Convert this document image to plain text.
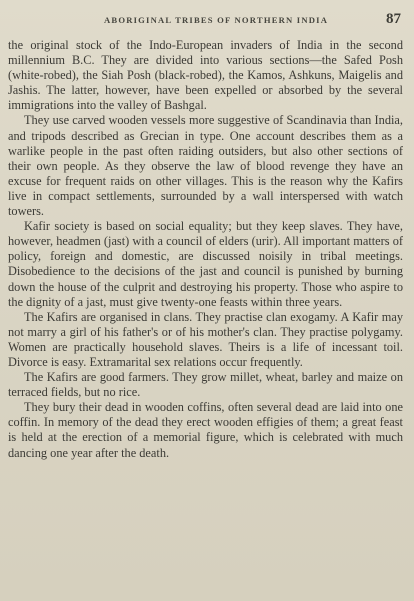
ABORIGINAL TRIBES OF NORTHERN INDIA	87

the original stock of the Indo-European invaders of India in the second millennium B.C. They are divided into various sections—the Safed Posh (white-robed), the Siah Posh (black-robed), the Kamos, Ashkuns, Maigelis and Jashis. The latter, however, have been expelled or absorbed by the several immigrations into the valley of Bashgal.

They use carved wooden vessels more suggestive of Scandinavia than India, and tripods described as Grecian in type. One account describes them as a warlike people in the past often raiding outsiders, but also other sections of their own people. As they observe the law of blood revenge they have an excuse for frequent raids on other villages. This is the reason why the Kafirs live in compact settlements, surrounded by a wall interspersed with watch towers.

Kafir society is based on social equality; but they keep slaves. They have, however, headmen (jast) with a council of elders (urir). All important matters of policy, foreign and domestic, are discussed noisily in tribal meetings. Disobedience to the decisions of the jast and council is punished by burning down the house of the culprit and destroying his property. Those who aspire to the dignity of a jast, must give twenty-one feasts within three years.

The Kafirs are organised in clans. They practise clan exogamy. A Kafir may not marry a girl of his father's or of his mother's clan. They practise polygamy. Women are practically household slaves. Theirs is a life of incessant toil. Divorce is easy. Extramarital sex relations occur frequently.

The Kafirs are good farmers. They grow millet, wheat, barley and maize on terraced fields, but no rice.

They bury their dead in wooden coffins, often several dead are laid into one coffin. In memory of the dead they erect wooden effigies of them; a great feast is held at the erection of a memorial figure, which is celebrated with much dancing one year after the death.
